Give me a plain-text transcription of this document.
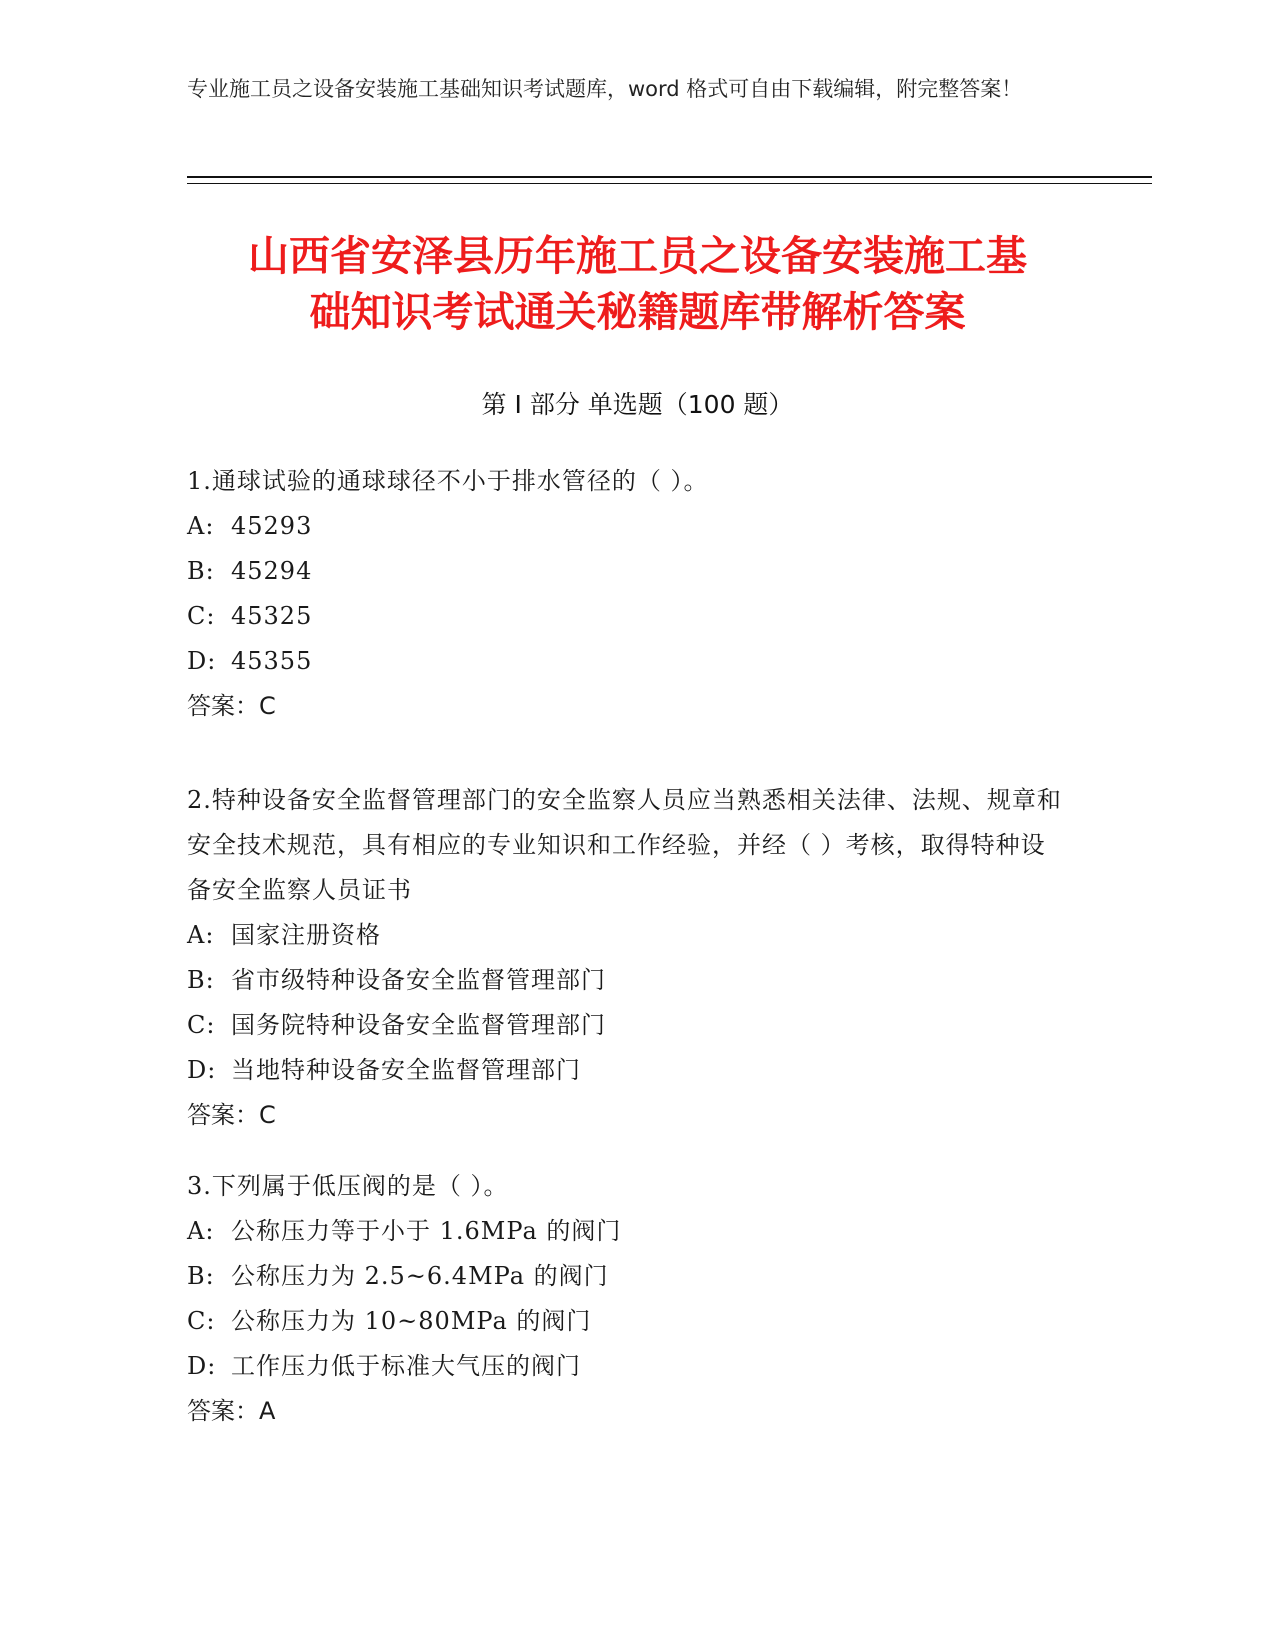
专业施工员之设备安装施工基础知识考试题库，word 格式可自由下载编辑，附完整答案！
山西省安泽县历年施工员之设备安装施工基
础知识考试通关秘籍题库带解析答案
第 I 部分 单选题（100 题）
1.通球试验的通球球径不小于排水管径的（ ）。
A: 45293
B: 45294
C: 45325
D: 45355
答案：C
2.特种设备安全监督管理部门的安全监察人员应当熟悉相关法律、法规、规章和安全技术规范，具有相应的专业知识和工作经验，并经（ ）考核，取得特种设备安全监察人员证书
A: 国家注册资格
B: 省市级特种设备安全监督管理部门
C: 国务院特种设备安全监督管理部门
D: 当地特种设备安全监督管理部门
答案：C
3.下列属于低压阀的是（ ）。
A: 公称压力等于小于 1.6MPa 的阀门
B: 公称压力为 2.5~6.4MPa 的阀门
C: 公称压力为 10~80MPa 的阀门
D: 工作压力低于标准大气压的阀门
答案：A
